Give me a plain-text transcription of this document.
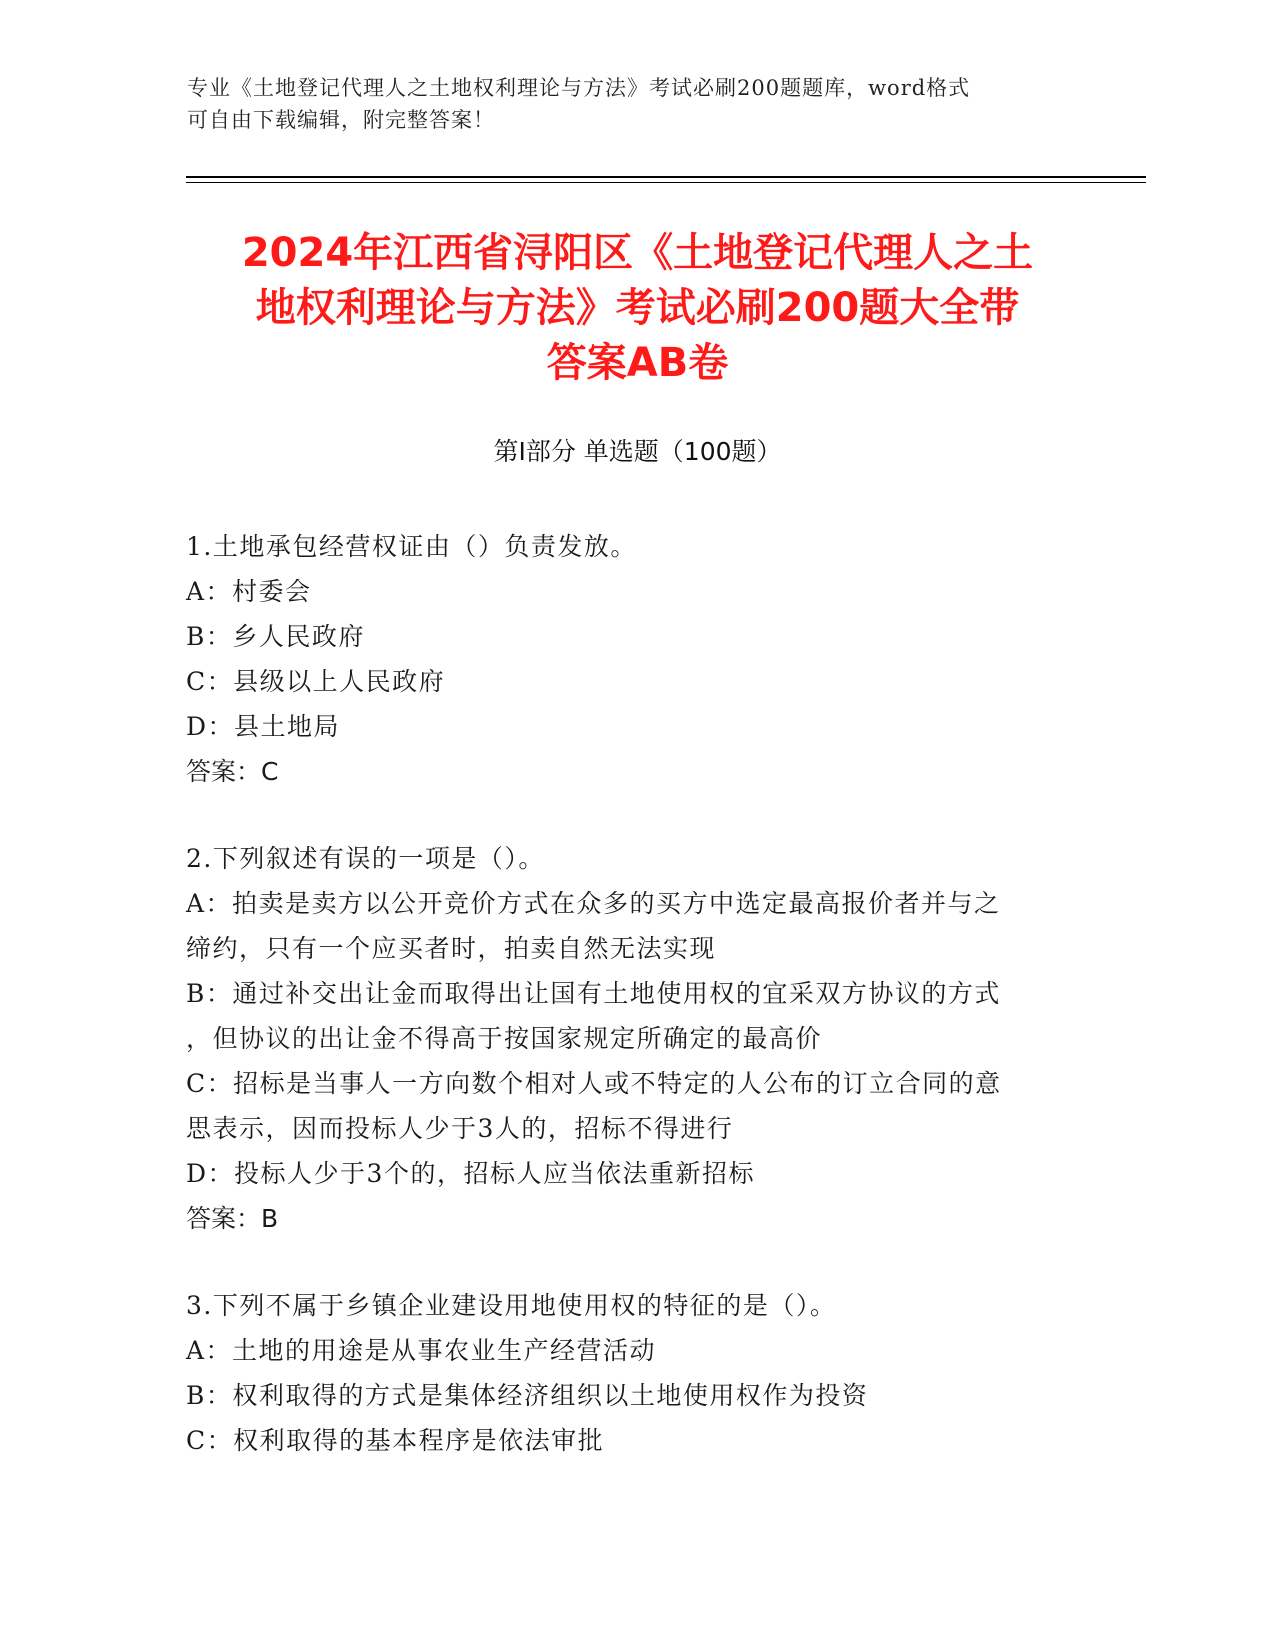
专业《土地登记代理人之土地权利理论与方法》考试必刷200题题库，word格式
可自由下载编辑，附完整答案！
2024年江西省浔阳区《土地登记代理人之土
地权利理论与方法》考试必刷200题大全带
答案AB卷
第Ⅰ部分 单选题（100题）

1.土地承包经营权证由（）负责发放。

A：村委会

B：乡人民政府

C：县级以上人民政府

D：县土地局

答案：C

2.下列叙述有误的一项是（）。

A：拍卖是卖方以公开竞价方式在众多的买方中选定最高报价者并与之

缔约，只有一个应买者时，拍卖自然无法实现

B：通过补交出让金而取得出让国有土地使用权的宜采双方协议的方式

，但协议的出让金不得高于按国家规定所确定的最高价

C：招标是当事人一方向数个相对人或不特定的人公布的订立合同的意

思表示，因而投标人少于3人的，招标不得进行

D：投标人少于3个的，招标人应当依法重新招标

答案：B

3.下列不属于乡镇企业建设用地使用权的特征的是（）。

A：土地的用途是从事农业生产经营活动

B：权利取得的方式是集体经济组织以土地使用权作为投资

C：权利取得的基本程序是依法审批
